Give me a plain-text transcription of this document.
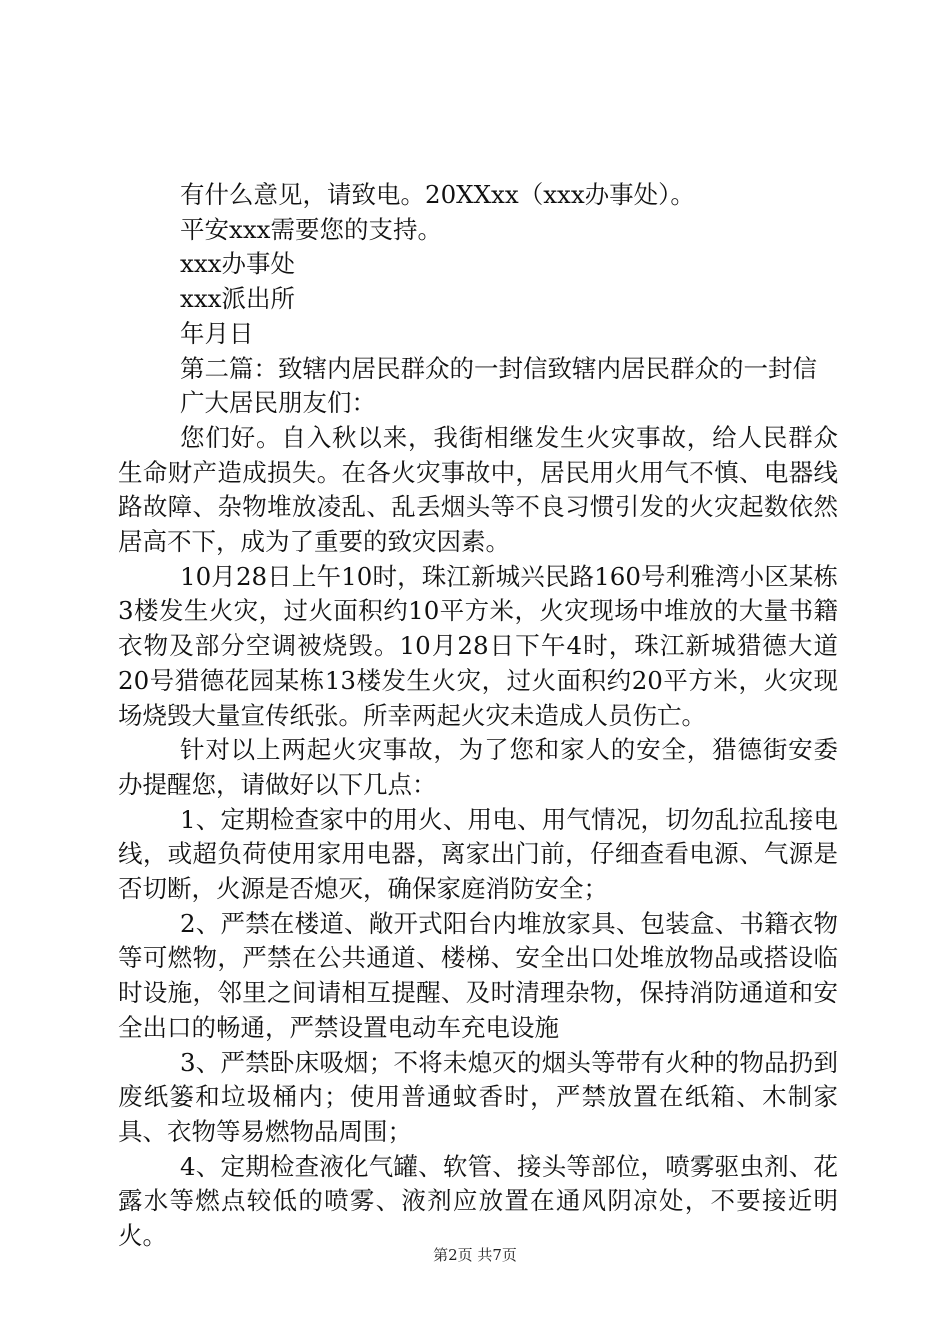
有什么意见，请致电。20XXxx（xxx办事处）。

平安xxx需要您的支持。

xxx办事处

xxx派出所

年月日

第二篇：致辖内居民群众的一封信致辖内居民群众的一封信

广大居民朋友们：

您们好。自入秋以来，我街相继发生火灾事故，给人民群众生命财产造成损失。在各火灾事故中，居民用火用气不慎、电器线路故障、杂物堆放凌乱、乱丢烟头等不良习惯引发的火灾起数依然居高不下，成为了重要的致灾因素。

10月28日上午10时，珠江新城兴民路160号利雅湾小区某栋3楼发生火灾，过火面积约10平方米，火灾现场中堆放的大量书籍衣物及部分空调被烧毁。10月28日下午4时，珠江新城猎德大道20号猎德花园某栋13楼发生火灾，过火面积约20平方米，火灾现场烧毁大量宣传纸张。所幸两起火灾未造成人员伤亡。

针对以上两起火灾事故，为了您和家人的安全，猎德街安委办提醒您，请做好以下几点：

1、定期检查家中的用火、用电、用气情况，切勿乱拉乱接电线，或超负荷使用家用电器，离家出门前，仔细查看电源、气源是否切断，火源是否熄灭，确保家庭消防安全；

2、严禁在楼道、敞开式阳台内堆放家具、包装盒、书籍衣物等可燃物，严禁在公共通道、楼梯、安全出口处堆放物品或搭设临时设施，邻里之间请相互提醒、及时清理杂物，保持消防通道和安全出口的畅通，严禁设置电动车充电设施

3、严禁卧床吸烟；不将未熄灭的烟头等带有火种的物品扔到废纸篓和垃圾桶内；使用普通蚊香时，严禁放置在纸箱、木制家具、衣物等易燃物品周围；

4、定期检查液化气罐、软管、接头等部位，喷雾驱虫剂、花露水等燃点较低的喷雾、液剂应放置在通风阴凉处，不要接近明火。

第2页 共7页
